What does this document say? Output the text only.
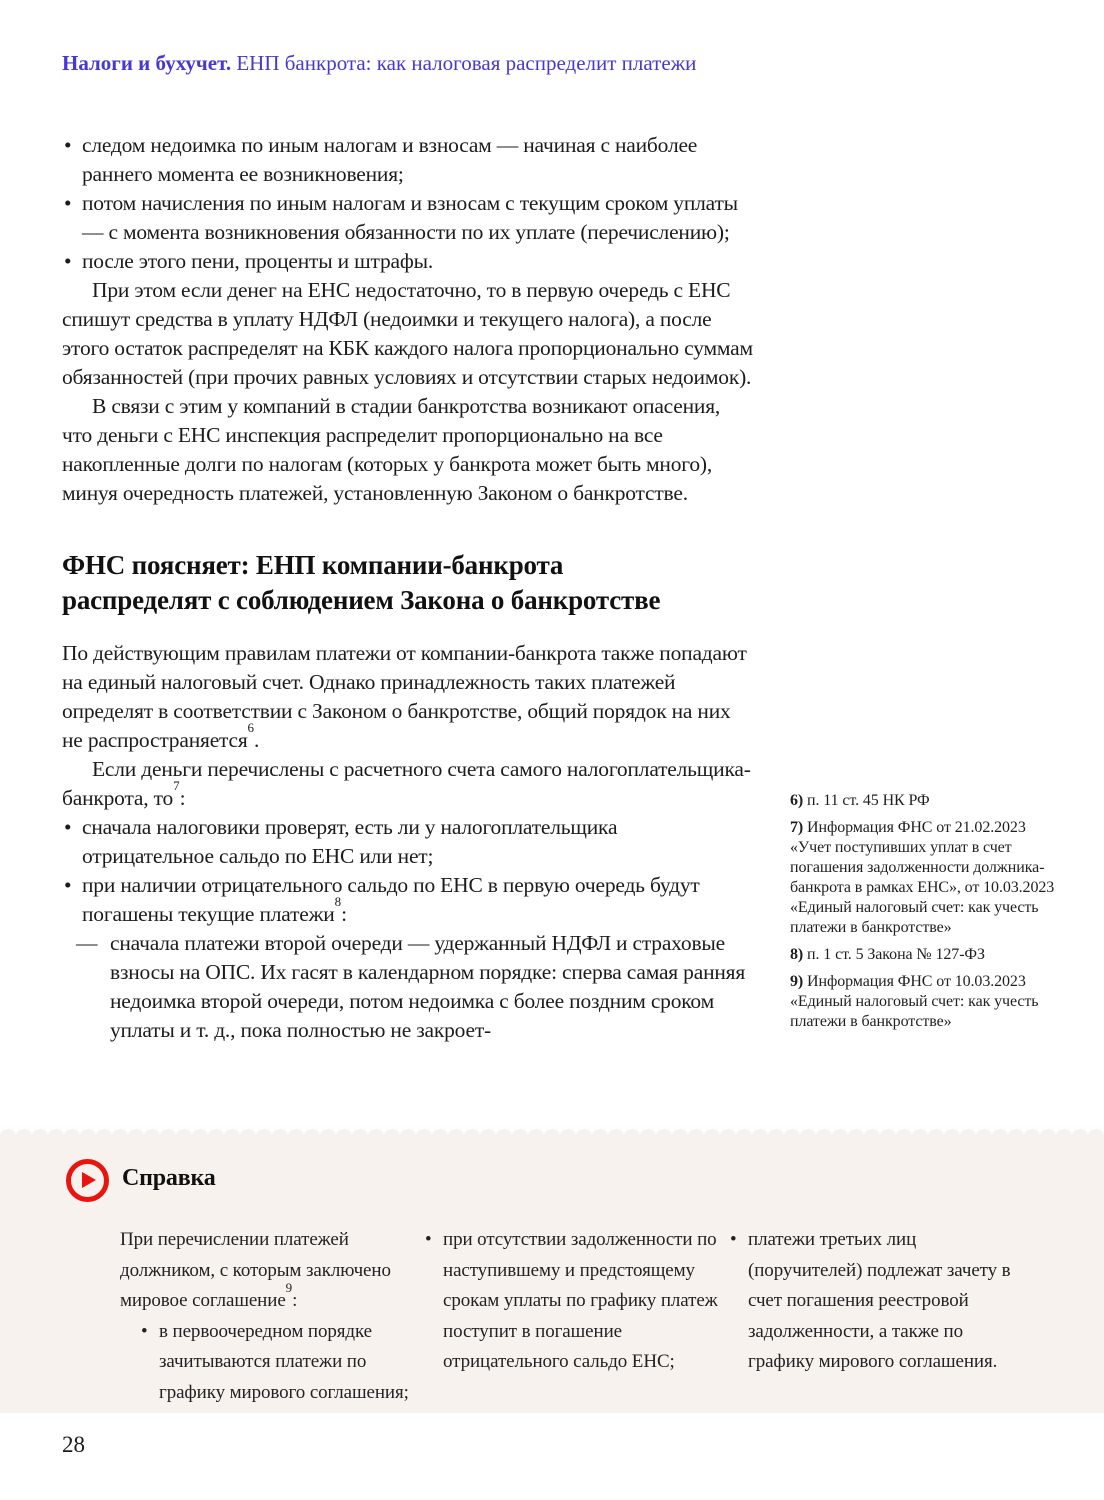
Налоги и бухучет. ЕНП банкрота: как налоговая распределит платежи
• следом недоимка по иным налогам и взносам — начиная с наиболее раннего момента ее возникновения;
• потом начисления по иным налогам и взносам с текущим сроком уплаты — с момента возникновения обязанности по их уплате (перечислению);
• после этого пени, проценты и штрафы.

При этом если денег на ЕНС недостаточно, то в первую очередь с ЕНС спишут средства в уплату НДФЛ (недоимки и текущего налога), а после этого остаток распределят на КБК каждого налога пропорционально суммам обязанностей (при прочих равных условиях и отсутствии старых недоимок).

В связи с этим у компаний в стадии банкротства возникают опасения, что деньги с ЕНС инспекция распределит пропорционально на все накопленные долги по налогам (которых у банкрота может быть много), минуя очередность платежей, установленную Законом о банкротстве.

ФНС поясняет: ЕНП компании-банкрота
распределят с соблюдением Закона о банкротстве

По действующим правилам платежи от компании-банкрота также попадают на единый налоговый счет. Однако принадлежность таких платежей определят в соответствии с Законом о банкротстве, общий порядок на них не распространяется$^6$.

Если деньги перечислены с расчетного счета самого налогоплательщика-банкрота, то$^7$:

• сначала налоговики проверят, есть ли у налогоплательщика отрицательное сальдо по ЕНС или нет;
• при наличии отрицательного сальдо по ЕНС в первую очередь будут погашены текущие платежи$^8$:

— сначала платежи второй очереди — удержанный НДФЛ и страховые взносы на ОПС. Их гасят в календарном порядке: сперва самая ранняя недоимка второй очереди, потом недоимка с более поздним сроком уплаты и т. д., пока полностью не закроет-

6) п. 11 ст. 45 НК РФ

7) Информация ФНС от 21.02.2023 «Учет поступивших уплат в счет погашения задолженности должника-банкрота в рамках ЕНС», от 10.03.2023 «Единый налоговый счет: как учесть платежи в банкротстве»

8) п. 1 ст. 5 Закона № 127-ФЗ

9) Информация ФНС от 10.03.2023 «Единый налоговый счет: как учесть платежи в банкротстве»

Справка

При перечислении платежей должником, с которым заключено мировое соглашение$^9$:

• в первоочередном порядке зачитываются платежи по графику мирового соглашения;

• при отсутствии задолженности по наступившему и предстоящему срокам уплаты по графику платеж поступит в погашение отрицательного сальдо ЕНС;

• платежи третьих лиц (поручителей) подлежат зачету в счет погашения реестровой задолженности, а также по графику мирового соглашения.

28
